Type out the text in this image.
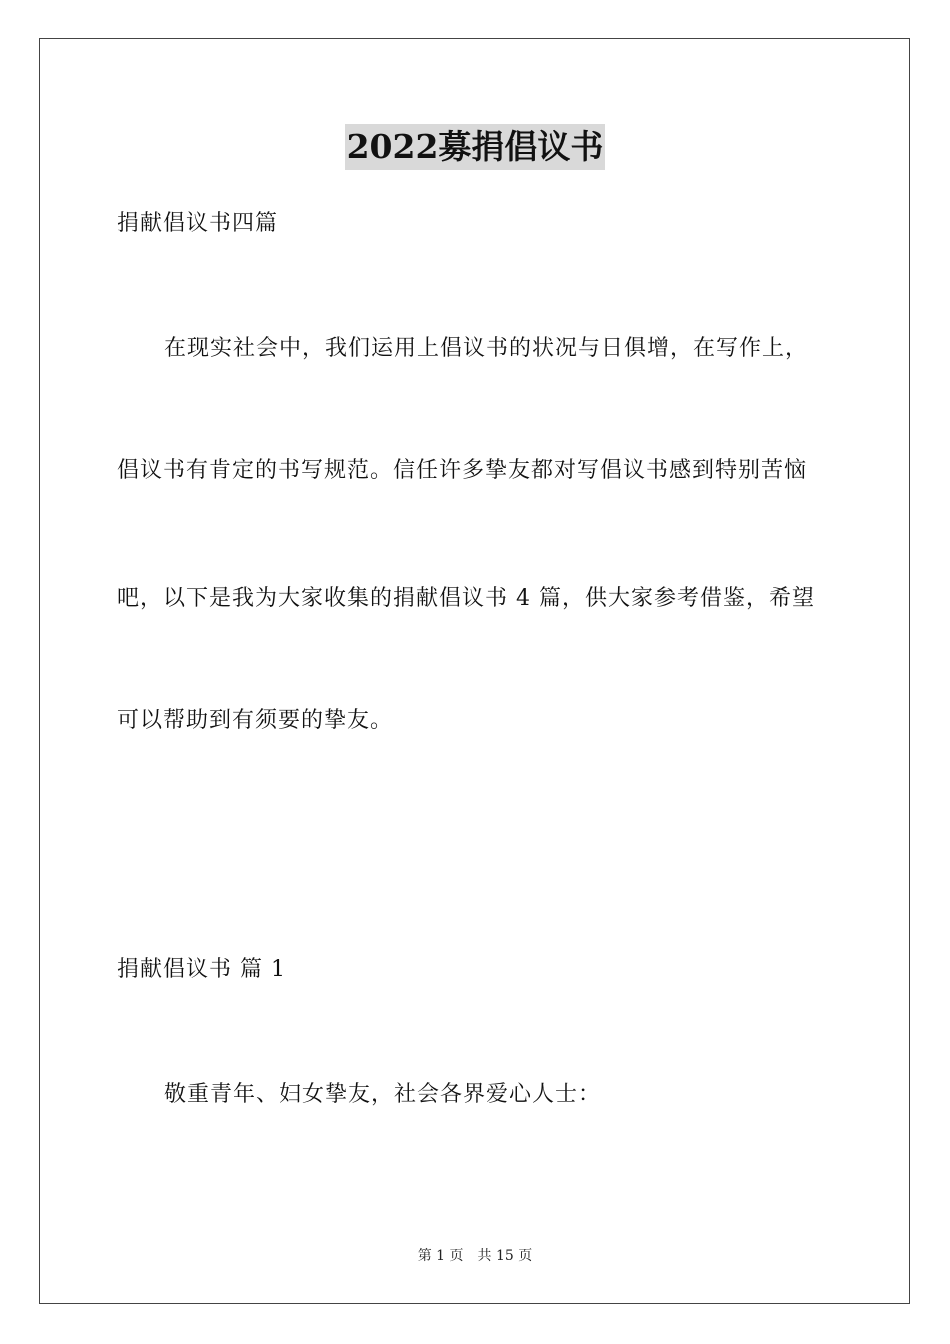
2022募捐倡议书
捐献倡议书四篇
在现实社会中，我们运用上倡议书的状况与日俱增，在写作上，
倡议书有肯定的书写规范。信任许多挚友都对写倡议书感到特别苦恼
吧，以下是我为大家收集的捐献倡议书 4 篇，供大家参考借鉴，希望
可以帮助到有须要的挚友。
捐献倡议书 篇 1
敬重青年、妇女挚友，社会各界爱心人士：
第 1 页 共 15 页
